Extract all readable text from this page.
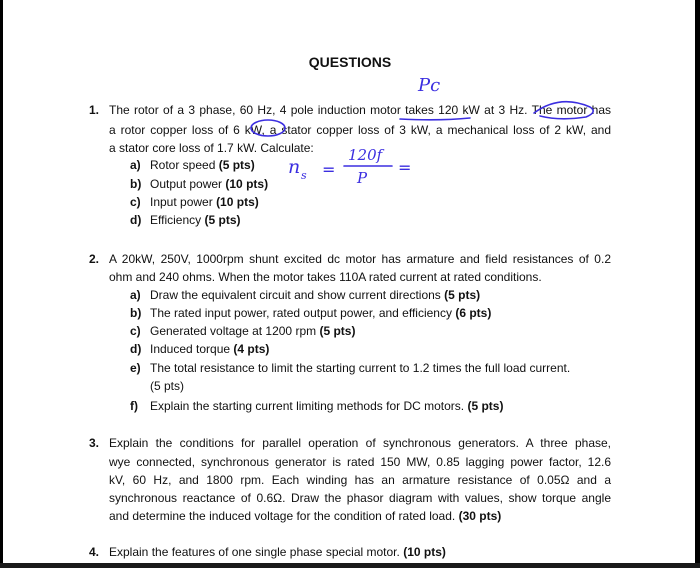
QUESTIONS
1. The rotor of a 3 phase, 60 Hz, 4 pole induction motor takes 120 kW at 3 Hz. The motor has
a rotor copper loss of 6 kW, a stator copper loss of 3 kW, a mechanical loss of 2 kW, and
a stator core loss of 1.7 kW. Calculate:
a) Rotor speed (5 pts)
b) Output power (10 pts)
c) Input power (10 pts)
d) Efficiency (5 pts)
2. A 20kW, 250V, 1000rpm shunt excited dc motor has armature and field resistances of 0.2
ohm and 240 ohms. When the motor takes 110A rated current at rated conditions.
a) Draw the equivalent circuit and show current directions (5 pts)
b) The rated input power, rated output power, and efficiency (6 pts)
c) Generated voltage at 1200 rpm (5 pts)
d) Induced torque (4 pts)
e) The total resistance to limit the starting current to 1.2 times the full load current.
(5 pts)
f) Explain the starting current limiting methods for DC motors. (5 pts)
3. Explain the conditions for parallel operation of synchronous generators. A three phase,
wye connected, synchronous generator is rated 150 MW, 0.85 lagging power factor, 12.6
kV, 60 Hz, and 1800 rpm. Each winding has an armature resistance of 0.05Ω and a
synchronous reactance of 0.6Ω. Draw the phasor diagram with values, show torque angle
and determine the induced voltage for the condition of rated load. (30 pts)
4. Explain the features of one single phase special motor. (10 pts)
Pc
n s =
120f
P
=
